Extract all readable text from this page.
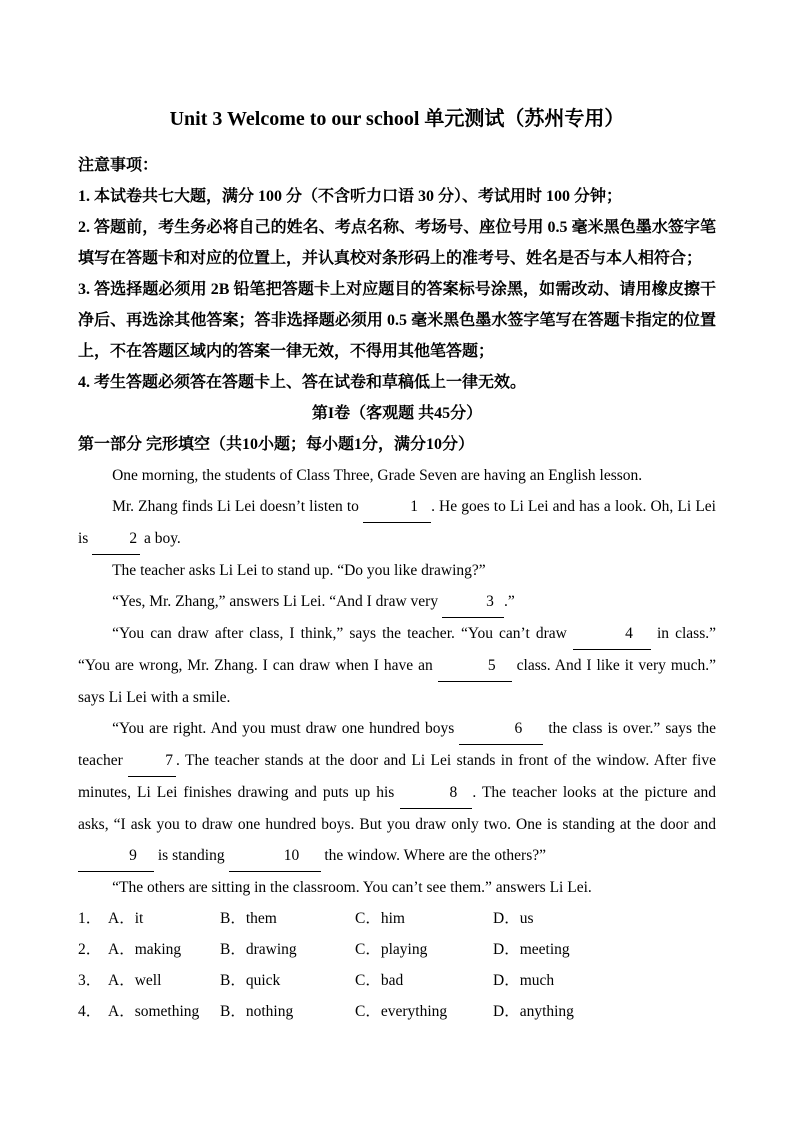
Unit 3 Welcome to our school 单元测试（苏州专用）

注意事项：

1. 本试卷共七大题，满分 100 分（不含听力口语 30 分）、考试用时 100 分钟；

2. 答题前，考生务必将自己的姓名、考点名称、考场号、座位号用 0.5 毫米黑色墨水签字笔填写在答题卡和对应的位置上，并认真校对条形码上的准考号、姓名是否与本人相符合；

3. 答选择题必须用 2B 铅笔把答题卡上对应题目的答案标号涂黑，如需改动、请用橡皮擦干净后、再选涂其他答案；答非选择题必须用 0.5 毫米黑色墨水签字笔写在答题卡指定的位置上，不在答题区域内的答案一律无效，不得用其他笔答题；

4. 考生答题必须答在答题卡上、答在试卷和草稿低上一律无效。

第I卷（客观题 共45分）

第一部分 完形填空（共10小题；每小题1分，满分10分）

One morning, the students of Class Three, Grade Seven are having an English lesson.

Mr. Zhang finds Li Lei doesn’t listen to	1 . He goes to Li Lei and has a look. Oh, Li Lei is 2 a boy.

The teacher asks Li Lei to stand up. “Do you like drawing?”

“Yes, Mr. Zhang,” answers Li Lei. “And I draw very	3 .”

“You can draw after class, I think,” says the teacher. “You can’t draw	4 in class.” “You are wrong, Mr. Zhang. I can draw when I have an	5 class. And I like it very much.” says Li Lei with a smile.

“You are right. And you must draw one hundred boys	6 the class is over.” says the teacher 7 . The teacher stands at the door and Li Lei stands in front of the window. After five minutes, Li Lei finishes drawing and puts up his	8 . The teacher looks at the picture and asks, “I ask you to draw one hundred boys. But you draw only two. One is standing at the door and 9 is standing	10 the window. Where are the others?”

“The others are sitting in the classroom. You can’t see them.” answers Li Lei.

1． A．it	B．them	C．him	D．us
2． A．making	B．drawing	C．playing	D．meeting
3． A．well	B．quick	C．bad	D．much
4． A．something	B．nothing	C．everything	D．anything
